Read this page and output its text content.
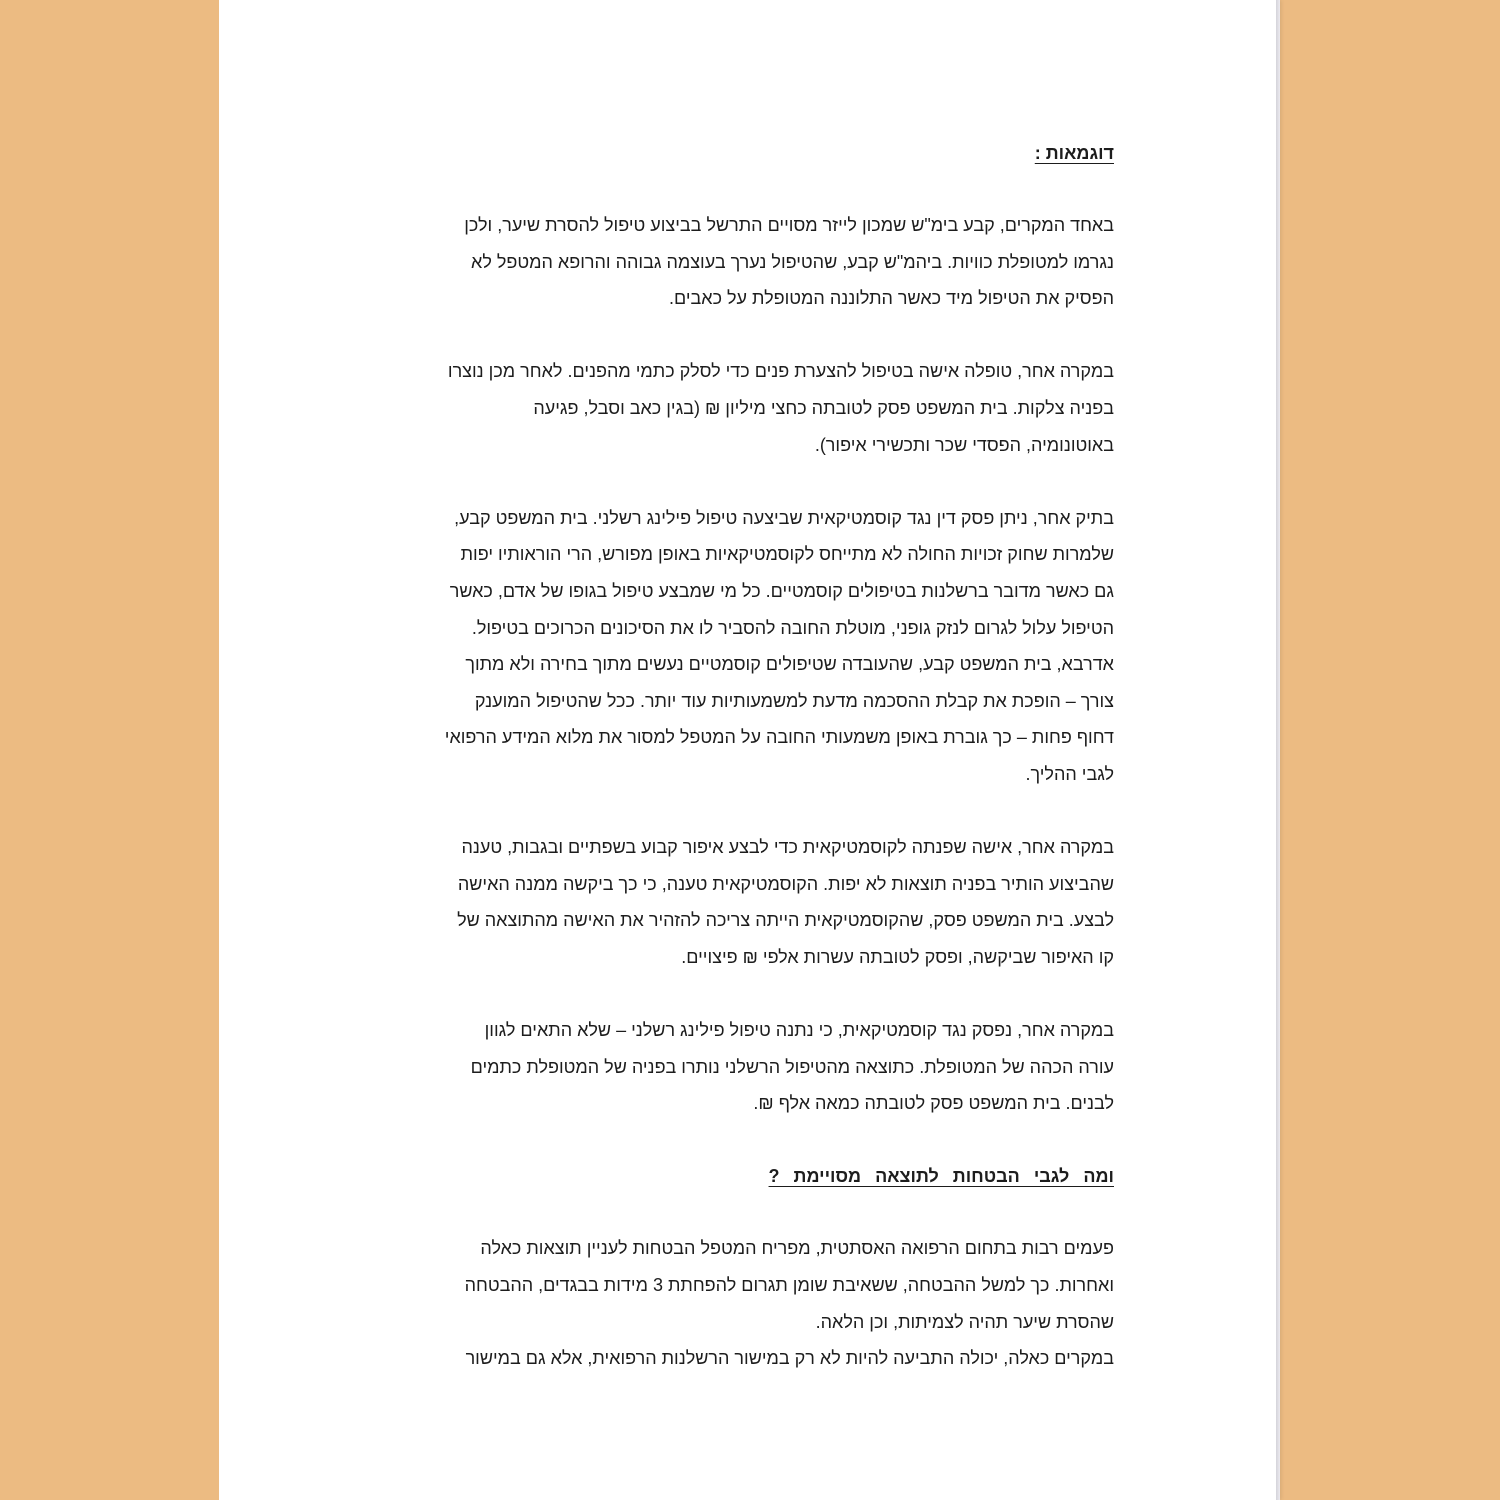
דוגמאות :
באחד המקרים, קבע בימ"ש שמכון לייזר מסויים התרשל בביצוע טיפול להסרת שיער, ולכן
נגרמו למטופלת כוויות. ביהמ"ש קבע, שהטיפול נערך בעוצמה גבוהה והרופא המטפל לא
הפסיק את הטיפול מיד כאשר התלוננה המטופלת על כאבים.
במקרה אחר, טופלה אישה בטיפול להצערת פנים כדי לסלק כתמי מהפנים. לאחר מכן נוצרו
בפניה צלקות. בית המשפט פסק לטובתה כחצי מיליון ₪ (בגין כאב וסבל, פגיעה
באוטונומיה, הפסדי שכר ותכשירי איפור).
בתיק אחר, ניתן פסק דין נגד קוסמטיקאית שביצעה טיפול פילינג רשלני. בית המשפט קבע,
שלמרות שחוק זכויות החולה לא מתייחס לקוסמטיקאיות באופן מפורש, הרי הוראותיו יפות
גם כאשר מדובר ברשלנות בטיפולים קוסמטיים. כל מי שמבצע טיפול בגופו של אדם, כאשר
הטיפול עלול לגרום לנזק גופני, מוטלת החובה להסביר לו את הסיכונים הכרוכים בטיפול.
אדרבא, בית המשפט קבע, שהעובדה שטיפולים קוסמטיים נעשים מתוך בחירה ולא מתוך
צורך – הופכת את קבלת ההסכמה מדעת למשמעותיות עוד יותר. ככל שהטיפול המוענק
דחוף פחות – כך גוברת באופן משמעותי החובה על המטפל למסור את מלוא המידע הרפואי
לגבי ההליך.
במקרה אחר, אישה שפנתה לקוסמטיקאית כדי לבצע איפור קבוע בשפתיים ובגבות, טענה
שהביצוע הותיר בפניה תוצאות לא יפות. הקוסמטיקאית טענה, כי כך ביקשה ממנה האישה
לבצע. בית המשפט פסק, שהקוסמטיקאית הייתה צריכה להזהיר את האישה מהתוצאה של
קו האיפור שביקשה, ופסק לטובתה עשרות אלפי ₪ פיצויים.
במקרה אחר, נפסק נגד קוסמטיקאית, כי נתנה טיפול פילינג רשלני – שלא התאים לגוון
עורה הכהה של המטופלת. כתוצאה מהטיפול הרשלני נותרו בפניה של המטופלת כתמים
לבנים. בית המשפט פסק לטובתה כמאה אלף ₪.
ומה לגבי הבטחות לתוצאה מסויימת ?
פעמים רבות בתחום הרפואה האסתטית, מפריח המטפל הבטחות לעניין תוצאות כאלה
ואחרות. כך למשל ההבטחה, ששאיבת שומן תגרום להפחתת 3 מידות בבגדים, ההבטחה
שהסרת שיער תהיה לצמיתות, וכן הלאה.
במקרים כאלה, יכולה התביעה להיות לא רק במישור הרשלנות הרפואית, אלא גם במישור
